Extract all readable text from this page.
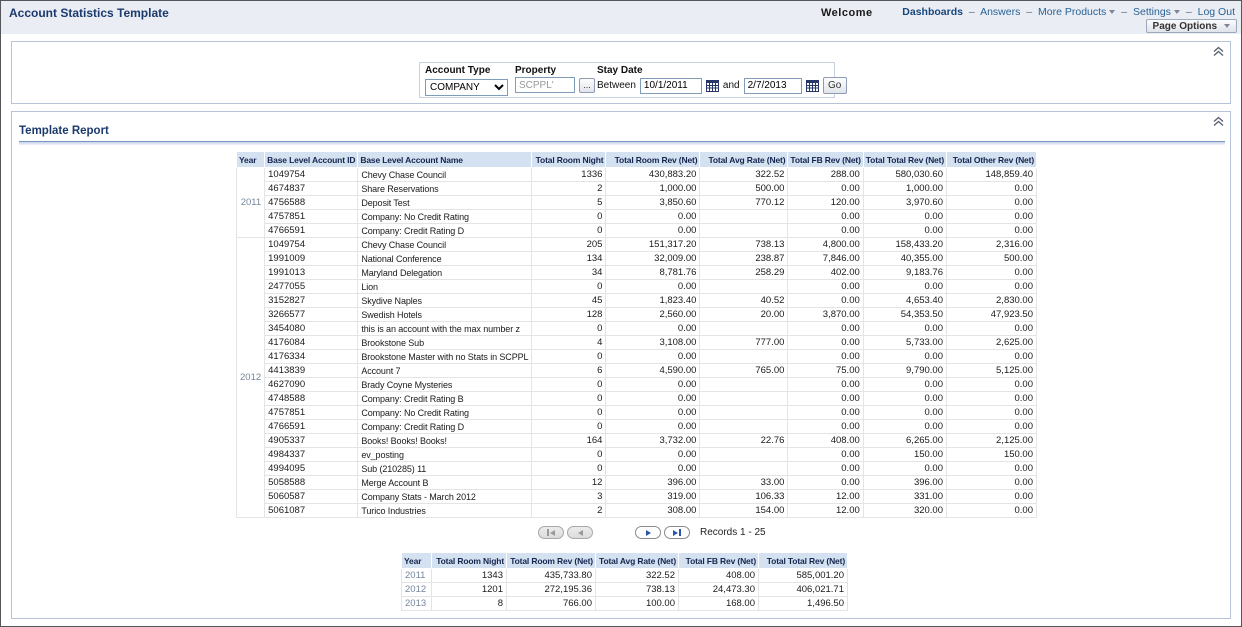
Account Statistics Template	Welcome	Dashboards – Answers – More Products – Settings – Log Out
Page Options
Account Type
COMPANY	Property
SCPPL'
...
Stay Date
Between
10/1/2011	and
2/7/2013	Go
Template Report
Year	Base Level Account ID	Base Level Account Name	Total Room Night	Total Room Rev (Net)	Total Avg Rate (Net)	Total FB Rev (Net)	Total Total Rev (Net)	Total Other Rev (Net)
2011	1049754	Chevy Chase Council	1336	430,883.20	322.52	288.00	580,030.60	148,859.40
	4674837	Share Reservations	2	1,000.00	500.00	0.00	1,000.00	0.00
	4756588	Deposit Test	5	3,850.60	770.12	120.00	3,970.60	0.00
	4757851	Company: No Credit Rating	0	0.00		0.00	0.00	0.00
	4766591	Company: Credit Rating D	0	0.00		0.00	0.00	0.00
2012	1049754	Chevy Chase Council	205	151,317.20	738.13	4,800.00	158,433.20	2,316.00
	1991009	National Conference	134	32,009.00	238.87	7,846.00	40,355.00	500.00
	1991013	Maryland Delegation	34	8,781.76	258.29	402.00	9,183.76	0.00
	2477055	Lion	0	0.00		0.00	0.00	0.00
	3152827	Skydive Naples	45	1,823.40	40.52	0.00	4,653.40	2,830.00
	3266577	Swedish Hotels	128	2,560.00	20.00	3,870.00	54,353.50	47,923.50
	3454080	this is an account with the max number z	0	0.00		0.00	0.00	0.00
	4176084	Brookstone Sub	4	3,108.00	777.00	0.00	5,733.00	2,625.00
	4176334	Brookstone Master with no Stats in SCPPL	0	0.00		0.00	0.00	0.00
	4413839	Account 7	6	4,590.00	765.00	75.00	9,790.00	5,125.00
	4627090	Brady Coyne Mysteries	0	0.00		0.00	0.00	0.00
	4748588	Company: Credit Rating B	0	0.00		0.00	0.00	0.00
	4757851	Company: No Credit Rating	0	0.00		0.00	0.00	0.00
	4766591	Company: Credit Rating D	0	0.00		0.00	0.00	0.00
	4905337	Books! Books! Books!	164	3,732.00	22.76	408.00	6,265.00	2,125.00
	4984337	ev_posting	0	0.00		0.00	150.00	150.00
	4994095	Sub (210285) 11	0	0.00		0.00	0.00	0.00
	5058588	Merge Account B	12	396.00	33.00	0.00	396.00	0.00
	5060587	Company Stats - March 2012	3	319.00	106.33	12.00	331.00	0.00
	5061087	Turico Industries	2	308.00	154.00	12.00	320.00	0.00
Records 1 - 25
Year	Total Room Night	Total Room Rev (Net)	Total Avg Rate (Net)	Total FB Rev (Net)	Total Total Rev (Net)
2011	1343	435,733.80	322.52	408.00	585,001.20
2012	1201	272,195.36	738.13	24,473.30	406,021.71
2013	8	766.00	100.00	168.00	1,496.50
